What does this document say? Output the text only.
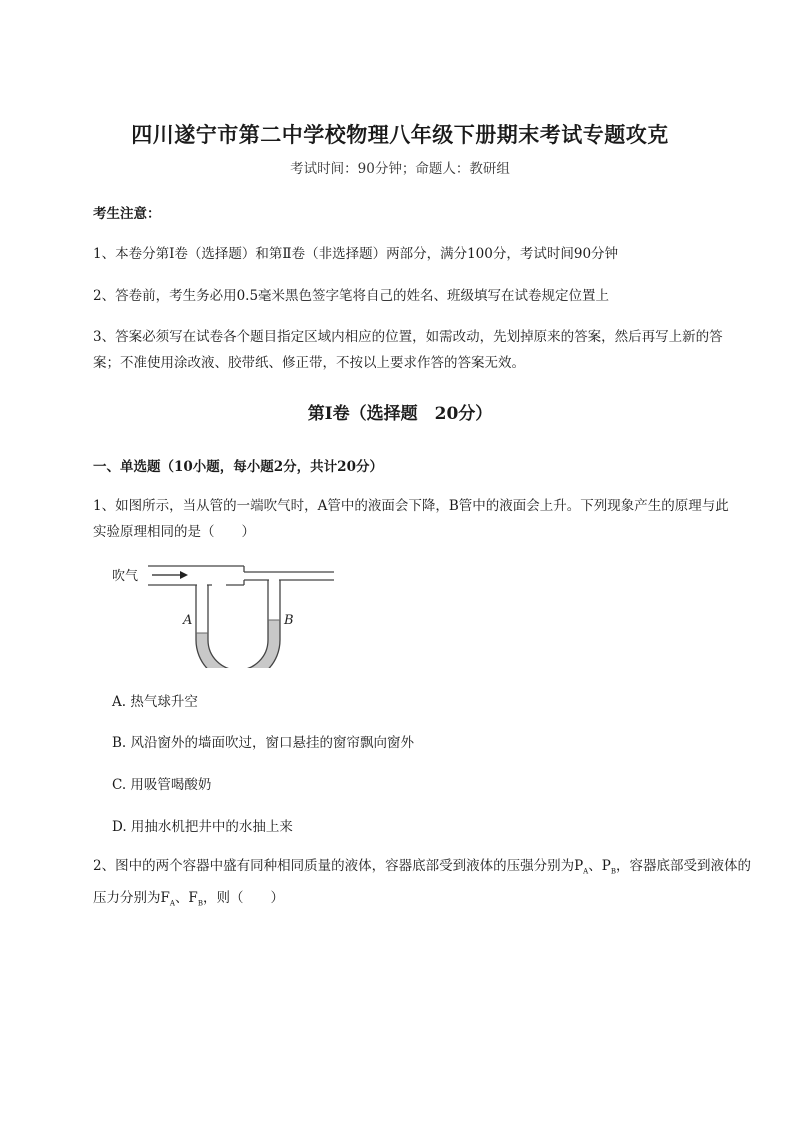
四川遂宁市第二中学校物理八年级下册期末考试专题攻克
考试时间：90分钟；命题人：教研组
考生注意：
1、本卷分第Ⅰ卷（选择题）和第Ⅱ卷（非选择题）两部分，满分100分，考试时间90分钟
2、答卷前，考生务必用0.5毫米黑色签字笔将自己的姓名、班级填写在试卷规定位置上
3、答案必须写在试卷各个题目指定区域内相应的位置，如需改动，先划掉原来的答案，然后再写上新的答案；不准使用涂改液、胶带纸、修正带，不按以上要求作答的答案无效。
第Ⅰ卷（选择题　20分）
一、单选题（10小题，每小题2分，共计20分）
1、如图所示，当从管的一端吹气时，A管中的液面会下降，B管中的液面会上升。下列现象产生的原理与此实验原理相同的是（　　）
吹气
A	B
A. 热气球升空
B. 风沿窗外的墙面吹过，窗口悬挂的窗帘飘向窗外
C. 用吸管喝酸奶
D. 用抽水机把井中的水抽上来
2、图中的两个容器中盛有同种相同质量的液体，容器底部受到液体的压强分别为$P_A$、$P_B$，容器底部受到液体的压力分别为$F_A$、$F_B$，则（　　）
